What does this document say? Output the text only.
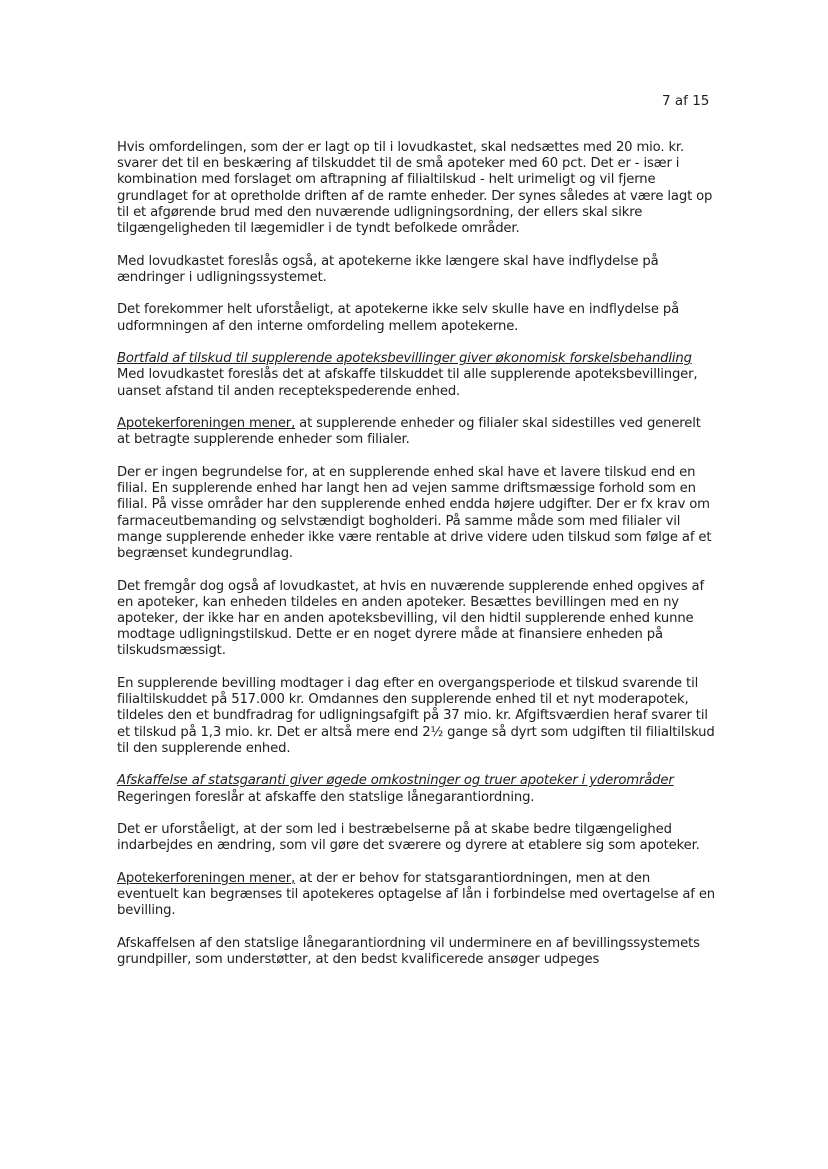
7 af 15

Hvis omfordelingen, som der er lagt op til i lovudkastet, skal nedsættes med 20 mio. kr. svarer det til en beskæring af tilskuddet til de små apoteker med 60 pct. Det er - især i kombination med forslaget om aftrapning af filialtilskud - helt urimeligt og vil fjerne grundlaget for at opretholde driften af de ramte enheder. Der synes således at være lagt op til et afgørende brud med den nuværende udligningsordning, der ellers skal sikre tilgængeligheden til lægemidler i de tyndt befolkede områder.

Med lovudkastet foreslås også, at apotekerne ikke længere skal have indflydelse på ændringer i udligningssystemet.

Det forekommer helt uforståeligt, at apotekerne ikke selv skulle have en indflydelse på udformningen af den interne omfordeling mellem apotekerne.

Bortfald af tilskud til supplerende apoteksbevillinger giver økonomisk forskelsbehandling

Med lovudkastet foreslås det at afskaffe tilskuddet til alle supplerende apoteksbevillinger, uanset afstand til anden receptekspederende enhed.

Apotekerforeningen mener, at supplerende enheder og filialer skal sidestilles ved generelt at betragte supplerende enheder som filialer.

Der er ingen begrundelse for, at en supplerende enhed skal have et lavere tilskud end en filial. En supplerende enhed har langt hen ad vejen samme driftsmæssige forhold som en filial. På visse områder har den supplerende enhed endda højere udgifter. Der er fx krav om farmaceutbemanding og selvstændigt bogholderi. På samme måde som med filialer vil mange supplerende enheder ikke være rentable at drive videre uden tilskud som følge af et begrænset kundegrundlag.

Det fremgår dog også af lovudkastet, at hvis en nuværende supplerende enhed opgives af en apoteker, kan enheden tildeles en anden apoteker. Besættes bevillingen med en ny apoteker, der ikke har en anden apoteksbevilling, vil den hidtil supplerende enhed kunne modtage udligningstilskud. Dette er en noget dyrere måde at finansiere enheden på tilskudsmæssigt.

En supplerende bevilling modtager i dag efter en overgangsperiode et tilskud svarende til filialtilskuddet på 517.000 kr. Omdannes den supplerende enhed til et nyt moderapotek, tildeles den et bundfradrag for udligningsafgift på 37 mio. kr. Afgiftsværdien heraf svarer til et tilskud på 1,3 mio. kr. Det er altså mere end 2½ gange så dyrt som udgiften til filialtilskud til den supplerende enhed.

Afskaffelse af statsgaranti giver øgede omkostninger og truer apoteker i yderområder

Regeringen foreslår at afskaffe den statslige lånegarantiordning.

Det er uforståeligt, at der som led i bestræbelserne på at skabe bedre tilgængelighed indarbejdes en ændring, som vil gøre det sværere og dyrere at etablere sig som apoteker.

Apotekerforeningen mener, at der er behov for statsgarantiordningen, men at den eventuelt kan begrænses til apotekeres optagelse af lån i forbindelse med overtagelse af en bevilling.

Afskaffelsen af den statslige lånegarantiordning vil underminere en af bevillingssystemets grundpiller, som understøtter, at den bedst kvalificerede ansøger udpeges
